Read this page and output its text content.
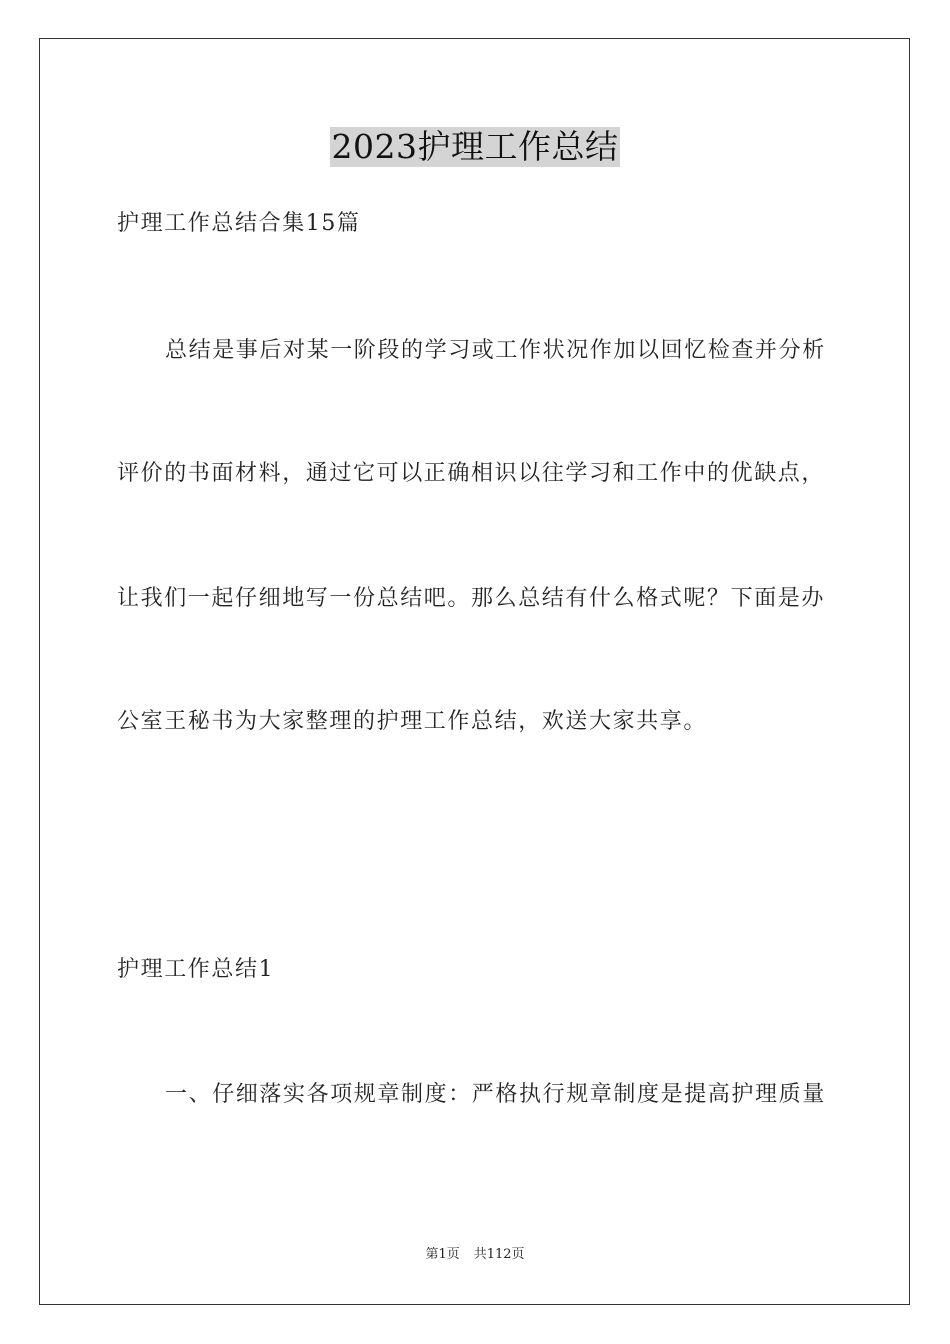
2023护理工作总结
护理工作总结合集15篇
总结是事后对某一阶段的学习或工作状况作加以回忆检查并分析
评价的书面材料，通过它可以正确相识以往学习和工作中的优缺点，
让我们一起仔细地写一份总结吧。那么总结有什么格式呢？下面是办
公室王秘书为大家整理的护理工作总结，欢送大家共享。
护理工作总结1
一、仔细落实各项规章制度：严格执行规章制度是提高护理质量
第1页 共112页
